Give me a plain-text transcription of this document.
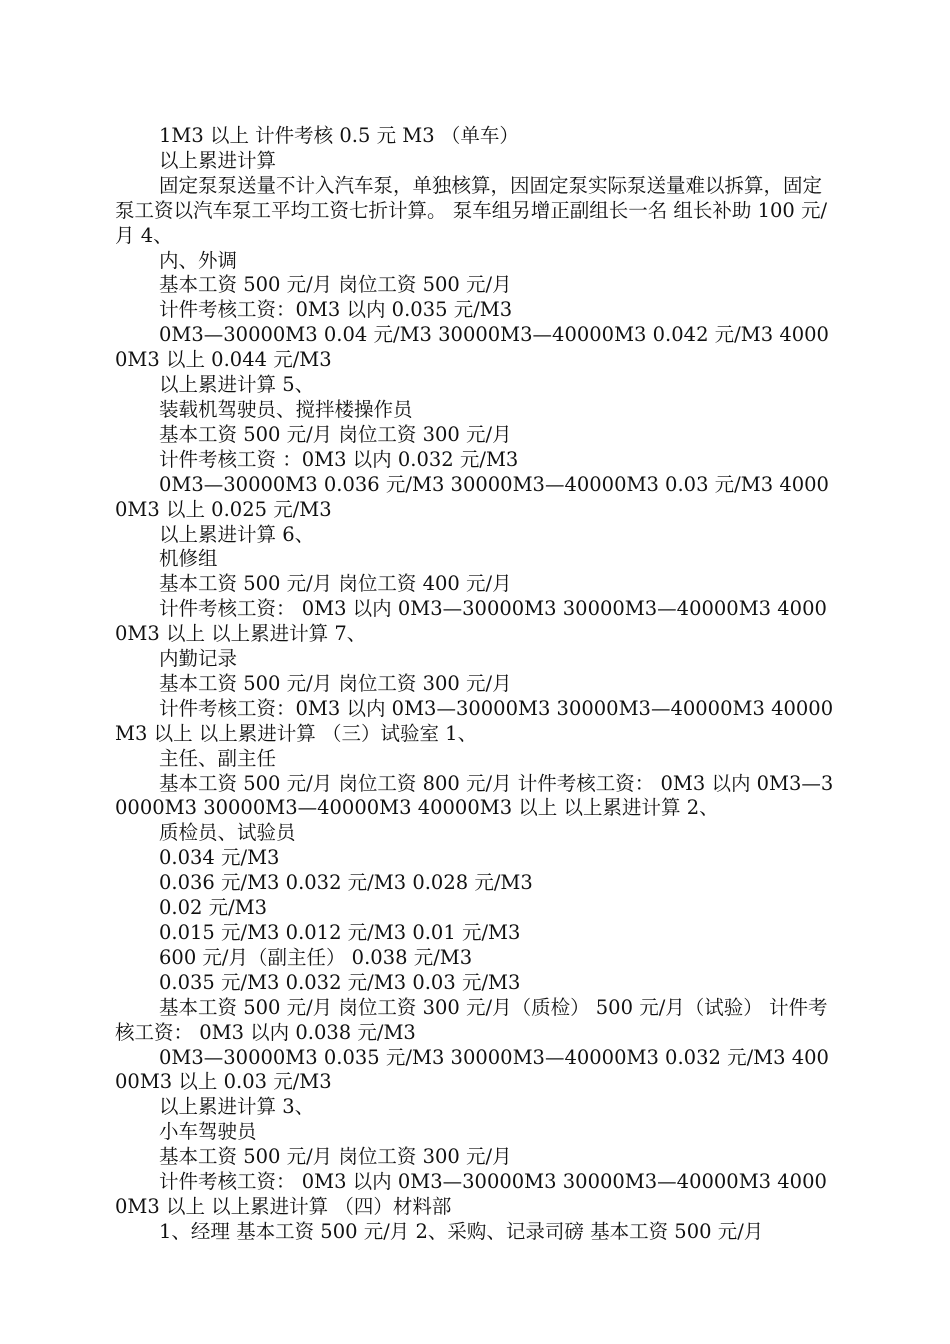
1M3 以上 计件考核 0.5 元 M3 （单车）

以上累进计算

固定泵泵送量不计入汽车泵，单独核算，因固定泵实际泵送量难以拆算，固定泵工资以汽车泵工平均工资七折计算。 泵车组另增正副组长一名 组长补助 100 元/月 4、

内、外调

基本工资 500 元/月 岗位工资 500 元/月

计件考核工资：0M3 以内 0.035 元/M3

0M3—30000M3 0.04 元/M3 30000M3—40000M3 0.042 元/M3 40000M3 以上 0.044 元/M3

以上累进计算 5、

装载机驾驶员、搅拌楼操作员

基本工资 500 元/月 岗位工资 300 元/月

计件考核工资 ：0M3 以内 0.032 元/M3

0M3—30000M3 0.036 元/M3 30000M3—40000M3 0.03 元/M3 40000M3 以上 0.025 元/M3

以上累进计算 6、

机修组

基本工资 500 元/月 岗位工资 400 元/月

计件考核工资： 0M3 以内 0M3—30000M3 30000M3—40000M3 40000M3 以上 以上累进计算 7、

内勤记录

基本工资 500 元/月 岗位工资 300 元/月

计件考核工资：0M3 以内 0M3—30000M3 30000M3—40000M3 40000M3 以上 以上累进计算 （三）试验室 1、

主任、副主任

基本工资 500 元/月 岗位工资 800 元/月 计件考核工资： 0M3 以内 0M3—30000M3 30000M3—40000M3 40000M3 以上 以上累进计算 2、

质检员、试验员

0.034 元/M3

0.036 元/M3 0.032 元/M3 0.028 元/M3

0.02 元/M3

0.015 元/M3 0.012 元/M3 0.01 元/M3

600 元/月（副主任） 0.038 元/M3

0.035 元/M3 0.032 元/M3 0.03 元/M3

基本工资 500 元/月 岗位工资 300 元/月（质检） 500 元/月（试验） 计件考核工资： 0M3 以内 0.038 元/M3

0M3—30000M3 0.035 元/M3 30000M3—40000M3 0.032 元/M3 40000M3 以上 0.03 元/M3

以上累进计算 3、

小车驾驶员

基本工资 500 元/月 岗位工资 300 元/月

计件考核工资： 0M3 以内 0M3—30000M3 30000M3—40000M3 40000M3 以上 以上累进计算 （四）材料部

1、经理 基本工资 500 元/月 2、采购、记录司磅 基本工资 500 元/月
